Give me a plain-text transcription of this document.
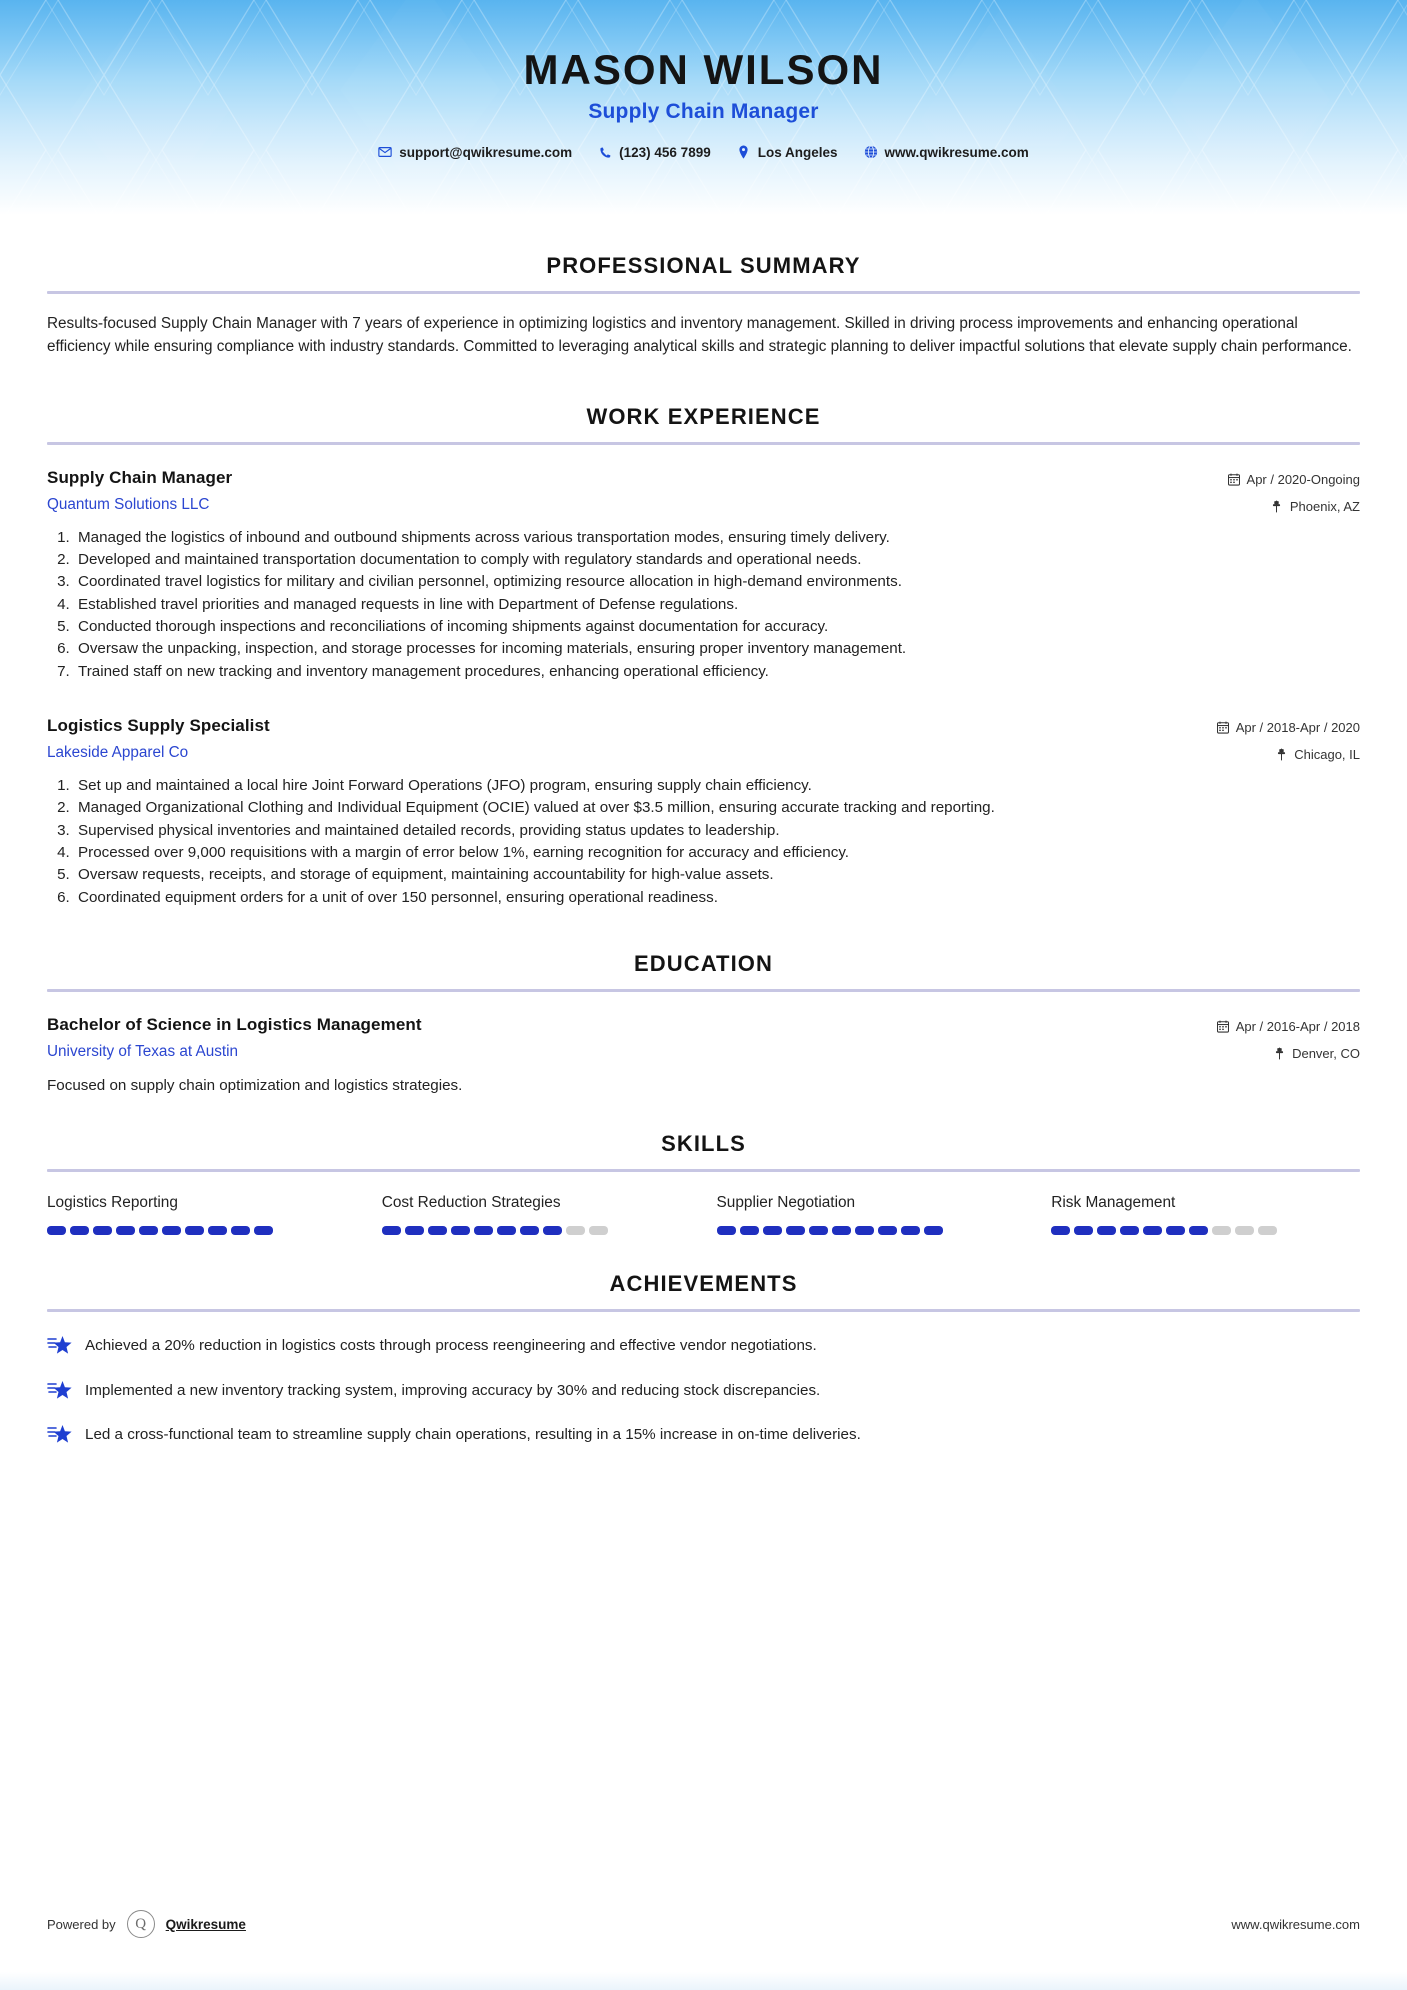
MASON WILSON
Supply Chain Manager
support@qwikresume.com	(123) 456 7899	Los Angeles	www.qwikresume.com
PROFESSIONAL SUMMARY

Results-focused Supply Chain Manager with 7 years of experience in optimizing logistics and inventory management. Skilled in driving process improvements and enhancing operational efficiency while ensuring compliance with industry standards. Committed to leveraging analytical skills and strategic planning to deliver impactful solutions that elevate supply chain performance.

WORK EXPERIENCE
Supply Chain Manager
Quantum Solutions LLC
Apr / 2020-Ongoing
Phoenix, AZ
1. Managed the logistics of inbound and outbound shipments across various transportation modes, ensuring timely delivery.
2. Developed and maintained transportation documentation to comply with regulatory standards and operational needs.
3. Coordinated travel logistics for military and civilian personnel, optimizing resource allocation in high-demand environments.
4. Established travel priorities and managed requests in line with Department of Defense regulations.
5. Conducted thorough inspections and reconciliations of incoming shipments against documentation for accuracy.
6. Oversaw the unpacking, inspection, and storage processes for incoming materials, ensuring proper inventory management.
7. Trained staff on new tracking and inventory management procedures, enhancing operational efficiency.
Logistics Supply Specialist
Lakeside Apparel Co
Apr / 2018-Apr / 2020
Chicago, IL
1. Set up and maintained a local hire Joint Forward Operations (JFO) program, ensuring supply chain efficiency.
2. Managed Organizational Clothing and Individual Equipment (OCIE) valued at over $3.5 million, ensuring accurate tracking and reporting.
3. Supervised physical inventories and maintained detailed records, providing status updates to leadership.
4. Processed over 9,000 requisitions with a margin of error below 1%, earning recognition for accuracy and efficiency.
5. Oversaw requests, receipts, and storage of equipment, maintaining accountability for high-value assets.
6. Coordinated equipment orders for a unit of over 150 personnel, ensuring operational readiness.
EDUCATION
Bachelor of Science in Logistics Management
University of Texas at Austin
Apr / 2016-Apr / 2018
Denver, CO
Focused on supply chain optimization and logistics strategies.
SKILLS
Logistics Reporting	Cost Reduction Strategies	Supplier Negotiation	Risk Management
ACHIEVEMENTS
Achieved a 20% reduction in logistics costs through process reengineering and effective vendor negotiations.
Implemented a new inventory tracking system, improving accuracy by 30% and reducing stock discrepancies.
Led a cross-functional team to streamline supply chain operations, resulting in a 15% increase in on-time deliveries.
Powered by	Q	Qwikresume	www.qwikresume.com
